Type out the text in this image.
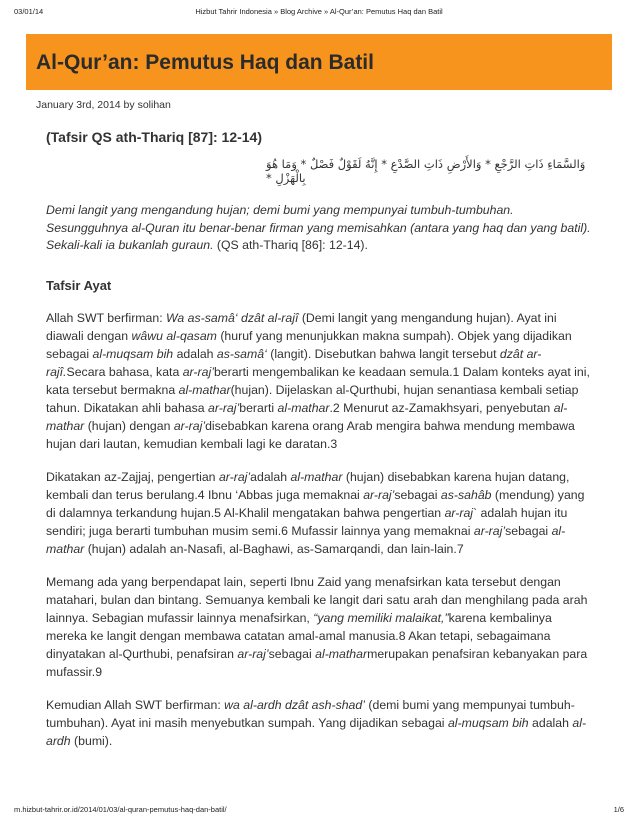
03/01/14	Hizbut Tahrir Indonesia » Blog Archive » Al-Qur’an: Pemutus Haq dan Batil
Al-Qur’an: Pemutus Haq dan Batil
January 3rd, 2014 by solihan
(Tafsir QS ath-Thariq [87]: 12-14)
وَالسَّمَاءِ ذَاتِ الرَّجْعِ * وَالأَرْضِ ذَاتِ الصَّدْعِ * إِنَّهُ لَقَوْلٌ فَصْلٌ * وَمَا هُوَ بِالْهَزْلِ *
Demi langit yang mengandung hujan; demi bumi yang mempunyai tumbuh-tumbuhan. Sesungguhnya al-Quran itu benar-benar firman yang memisahkan (antara yang haq dan yang batil). Sekali-kali ia bukanlah guraun. (QS ath-Thariq [86]: 12-14).
Tafsir Ayat

Allah SWT berfirman: Wa as-samâ‘ dzât al-rajî (Demi langit yang mengandung hujan). Ayat ini diawali dengan wâwu al-qasam (huruf yang menunjukkan makna sumpah). Objek yang dijadikan sebagai al-muqsam bih adalah as-samâ‘ (langit). Disebutkan bahwa langit tersebut dzât ar-rajî.Secara bahasa, kata ar-raj’berarti mengembalikan ke keadaan semula.1 Dalam konteks ayat ini, kata tersebut bermakna al-mathar(hujan). Dijelaskan al-Qurthubi, hujan senantiasa kembali setiap tahun. Dikatakan ahli bahasa ar-raj’berarti al-mathar.2 Menurut az-Zamakhsyari, penyebutan al-mathar (hujan) dengan ar-raj’disebabkan karena orang Arab mengira bahwa mendung membawa hujan dari lautan, kemudian kembali lagi ke daratan.3

Dikatakan az-Zajjaj, pengertian ar-raj’adalah al-mathar (hujan) disebabkan karena hujan datang, kembali dan terus berulang.4 Ibnu ‘Abbas juga memaknai ar-raj’sebagai as-sahâb (mendung) yang di dalamnya terkandung hujan.5 Al-Khalil mengatakan bahwa pengertian ar-raj` adalah hujan itu sendiri; juga berarti tumbuhan musim semi.6 Mufassir lainnya yang memaknai ar-raj’sebagai al-mathar (hujan) adalah an-Nasafi, al-Baghawi, as-Samarqandi, dan lain-lain.7

Memang ada yang berpendapat lain, seperti Ibnu Zaid yang menafsirkan kata tersebut dengan matahari, bulan dan bintang. Semuanya kembali ke langit dari satu arah dan menghilang pada arah lainnya. Sebagian mufassir lainnya menafsirkan, “yang memiliki malaikat,”karena kembalinya mereka ke langit dengan membawa catatan amal-amal manusia.8 Akan tetapi, sebagaimana dinyatakan al-Qurthubi, penafsiran ar-raj’sebagai al-matharmerupakan penafsiran kebanyakan para mufassir.9

Kemudian Allah SWT berfirman: wa al-ardh dzât ash-shad’ (demi bumi yang mempunyai tumbuh-tumbuhan). Ayat ini masih menyebutkan sumpah. Yang dijadikan sebagai al-muqsam bih adalah al-ardh (bumi).

m.hizbut-tahrir.or.id/2014/01/03/al-quran-pemutus-haq-dan-batil/	1/6
